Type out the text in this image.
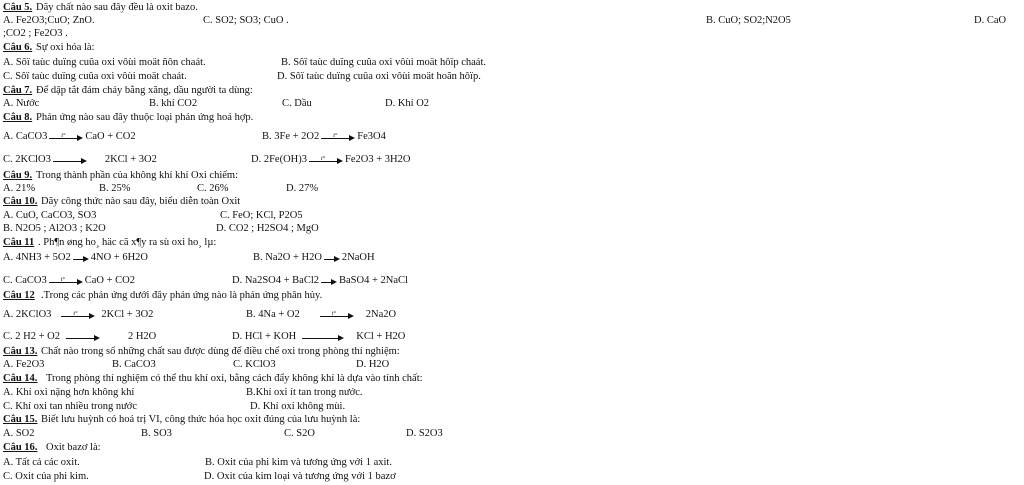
Câu 5. Dãy chất nào sau đây đều là oxit bazo.
A. Fe2O3;CuO; ZnO.	C. SO2; SO3; CuO .	B. CuO; SO2;N2O5	D. CaO
;CO2 ; Fe2O3 .
Câu 6. Sự oxi hóa là:
A. Sôï taùc duïng cuûa oxi vôùi moät ñôn chaát.	B. Sôï taùc duïng cuûa oxi vôùi moät hôïp chaát.
C. Sôï taùc duïng cuûa oxi vôùi moät chaát.	D. Sôï taùc duïng cuûa oxi vôùi moät hoãn hôïp.
Câu 7. Để dập tắt đám cháy bằng xăng, dầu người ta dùng:
A. Nước	B. khí CO2	C. Dầu	D. Khí O2
Câu 8. Phản ứng nào sau đây thuộc loại phản ứng hoá hợp.
A. CaCO3 t° CaO + CO2	B. 3Fe + 2O2 t° Fe3O4
C. 2KClO3	2KCl + 3O2	D. 2Fe(OH)3 t° Fe2O3 + 3H2O
Câu 9. Trong thành phần của không khí khí Oxi chiếm:
A. 21%	B. 25%	C. 26%	D. 27%
Câu 10. Dãy công thức nào sau đây, biểu diễn toàn Oxit
A. CuO, CaCO3, SO3	C. FeO; KCl, P2O5
B. N2O5 ; Al2O3 ; K2O	D. CO2 ; H2SO4 ; MgO
Câu 11 . Ph¶n øng ho¸ häc cã x¶y ra sù oxi ho¸ lµ:
A. 4NH3 + 5O2 4NO + 6H2O	B. Na2O + H2O 2NaOH
C. CaCO3 t° CaO + CO2	D. Na2SO4 + BaCl2 BaSO4 + 2NaCl
Câu 12 .Trong các phản ứng dưới đây phản ứng nào là phản ứng phân hủy.
A. 2KClO3	t° 2KCl + 3O2	B. 4Na + O2	t°	2Na2O
C. 2 H2 + O2	2 H2O	D. HCl + KOH	KCl + H2O
Câu 13. Chất nào trong số những chất sau được dùng để điều chế oxi trong phòng thí nghiệm:
A. Fe2O3	B. CaCO3	C. KClO3	D. H2O
Câu 14. Trong phòng thí nghiệm có thể thu khí oxi, bằng cách đẩy không khí là dựa vào tính chất:
A. Khí oxi nặng hơn không khí	B.Khí oxi ít tan trong nước.
C. Khí oxi tan nhiều trong nước	D. Khí oxi không mùi.
Câu 15. Biết lưu huỳnh có hoá trị VI, công thức hóa học oxit đúng của lưu huỳnh là:
A. SO2	B. SO3	C. S2O	D. S2O3
Câu 16. Oxit bazơ là:
A. Tất cả các oxit.	B. Oxit của phi kim và tương ứng với 1 axit.
C. Oxit của phi kim.	D. Oxit của kim loại và tương ứng với 1 bazơ
